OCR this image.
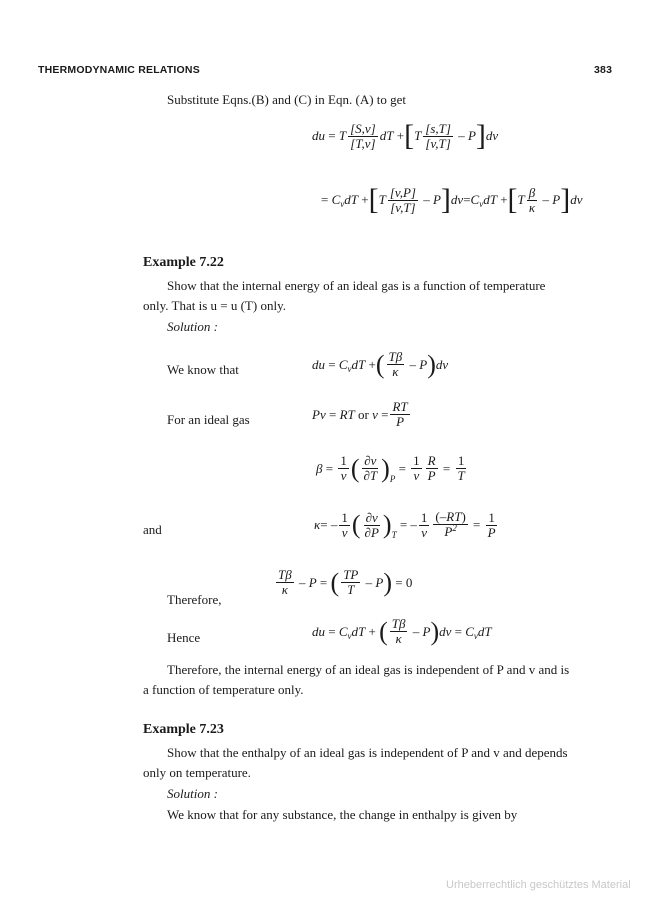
THERMODYNAMIC RELATIONS	383
Substitute Eqns.(B) and (C) in Eqn. (A) to get
du = T $\frac{[S,v]}{[T,v]}$ dT + [ T $\frac{[s,T]}{[v,T]}$ – P ] dv
= $C_vdT$ + [ T $\frac{[v,P]}{[v,T]}$ – P ] dv = $C_vdT$ + [ T $\frac{\beta}{\kappa}$ – P ] dv
Example 7.22
Show that the internal energy of an ideal gas is a function of temperature
only. That is u = u (T) only.
Solution :
We know that	du = $C_vdT$ + ( $\frac{T\beta}{\kappa}$ – P ) dv
For an ideal gas	Pv = RT or $v = \frac{RT}{P}$
$\beta = \frac{1}{v}$ ( $\frac{\partial v}{\partial T}$ ) P
= $\frac{1}{v} \frac{R}{P} = \frac{1}{T}$
and	κ = – $\frac{1}{v}$ ( $\frac{\partial v}{\partial P}$ ) T
= – $\frac{1}{v} \frac{(-RT)}{P^2} = \frac{1}{P}$
Therefore,
$\frac{T\beta}{\kappa}$ – P = ( $\frac{TP}{T}$ – P ) = 0
Hence	du = $C_vdT$ + ( $\frac{T\beta}{\kappa}$ – P ) dv = $C_vdT$
Therefore, the internal energy of an ideal gas is independent of P and v and is
a function of temperature only.
Example 7.23
Show that the enthalpy of an ideal gas is independent of P and v and depends
only on temperature.
Solution :
We know that for any substance, the change in enthalpy is given by
Urheberrechtlich geschütztes Material
